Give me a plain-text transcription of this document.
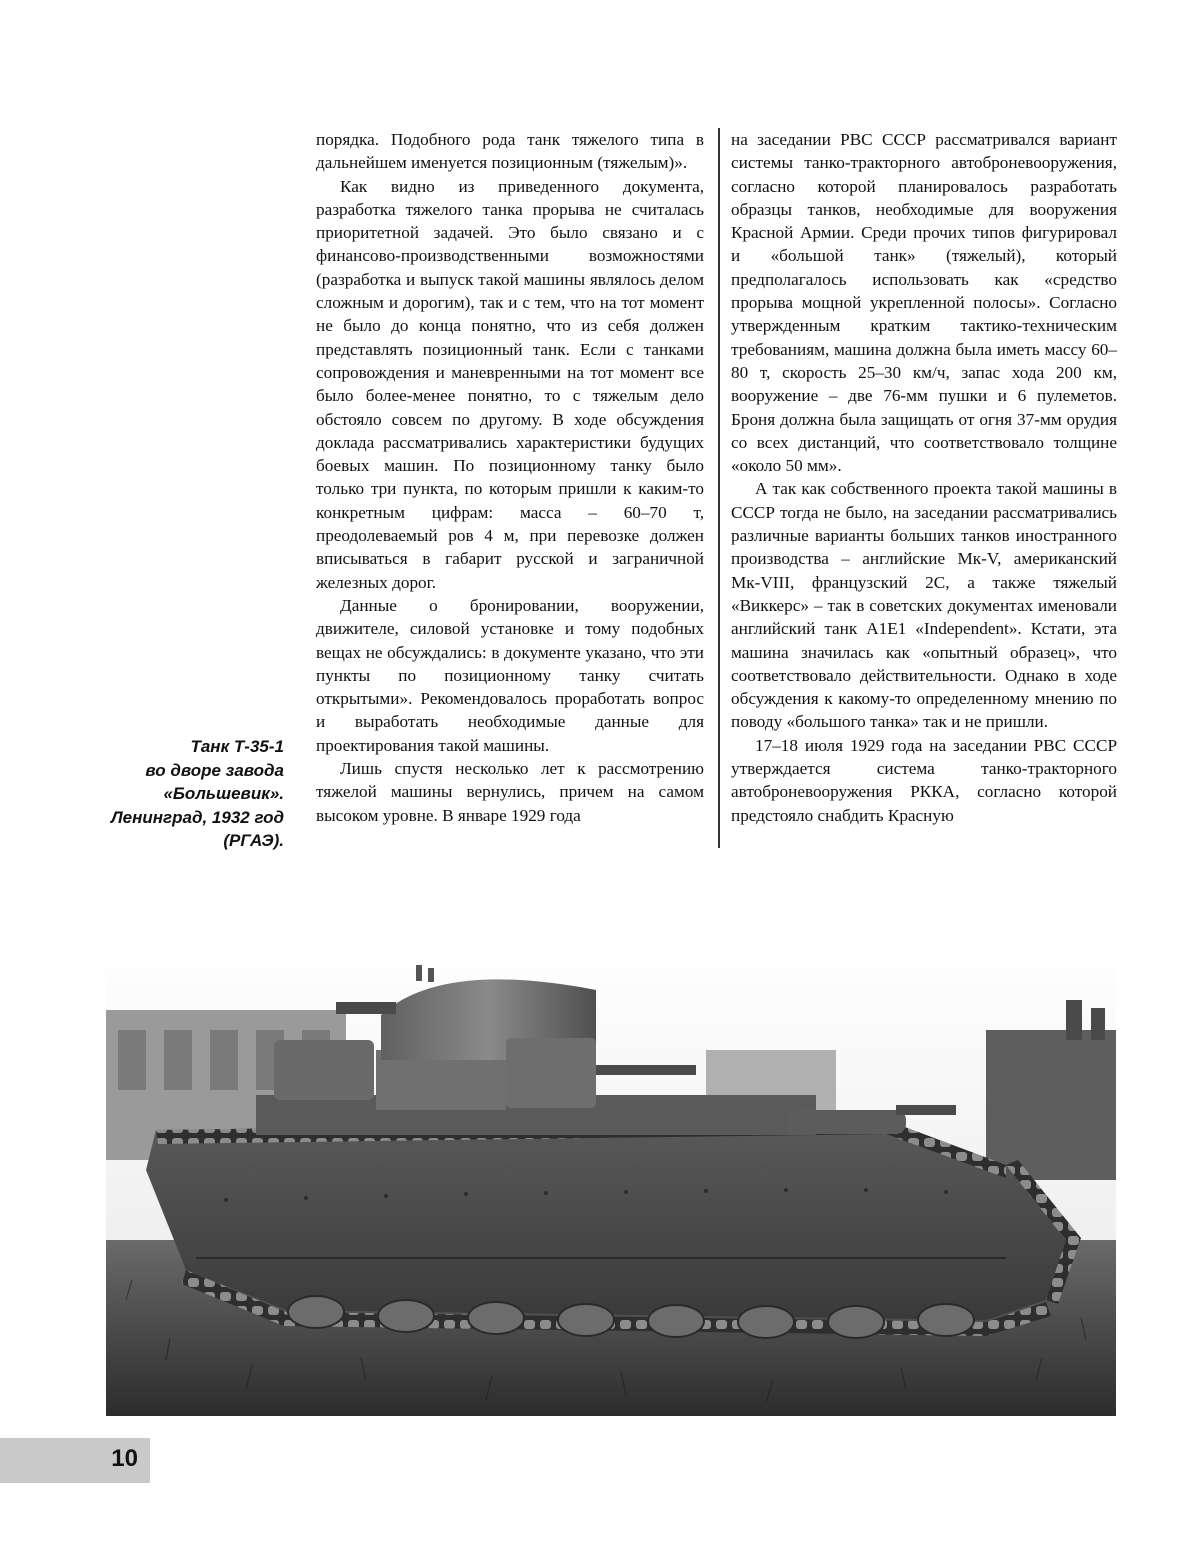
Танк Т-35-1
во дворе завода
«Большевик».
Ленинград, 1932 год
(РГАЭ).

порядка. Подобного рода танк тяжелого типа в дальнейшем именуется позиционным (тяжелым)».

Как видно из приведенного документа, разработка тяжелого танка прорыва не считалась приоритетной задачей. Это было связано и с финансово-производственными возможностями (разработка и выпуск такой машины являлось делом сложным и дорогим), так и с тем, что на тот момент не было до конца понятно, что из себя должен представлять позиционный танк. Если с танками сопровождения и маневренными на тот момент все было более-менее понятно, то с тяжелым дело обстояло совсем по другому. В ходе обсуждения доклада рассматривались характеристики будущих боевых машин. По позиционному танку было только три пункта, по которым пришли к каким-то конкретным цифрам: масса – 60–70 т, преодолеваемый ров 4 м, при перевозке должен вписываться в габарит русской и заграничной железных дорог.

Данные о бронировании, вооружении, движителе, силовой установке и тому подобных вещах не обсуждались: в документе указано, что эти пункты по позиционному танку считать открытыми». Рекомендовалось проработать вопрос и выработать необходимые данные для проектирования такой машины.

Лишь спустя несколько лет к рассмотрению тяжелой машины вернулись, причем на самом высоком уровне. В январе 1929 года

на заседании РВС СССР рассматривался вариант системы танко-тракторного автоброневооружения, согласно которой планировалось разработать образцы танков, необходимые для вооружения Красной Армии. Среди прочих типов фигурировал и «большой танк» (тяжелый), который предполагалось использовать как «средство прорыва мощной укрепленной полосы». Согласно утвержденным кратким тактико-техническим требованиям, машина должна была иметь массу 60–80 т, скорость 25–30 км/ч, запас хода 200 км, вооружение – две 76-мм пушки и 6 пулеметов. Броня должна была защищать от огня 37-мм орудия со всех дистанций, что соответствовало толщине «около 50 мм».

А так как собственного проекта такой машины в СССР тогда не было, на заседании рассматривались различные варианты больших танков иностранного производства – английские Мк-V, американский Мк-VIII, французский 2С, а также тяжелый «Виккерс» – так в советских документах именовали английский танк A1E1 «Independent». Кстати, эта машина значилась как «опытный образец», что соответствовало действительности. Однако в ходе обсуждения к какому-то определенному мнению по поводу «большого танка» так и не пришли.

17–18 июля 1929 года на заседании РВС СССР утверждается система танко-тракторного автоброневооружения РККА, согласно которой предстояло снабдить Красную

10
